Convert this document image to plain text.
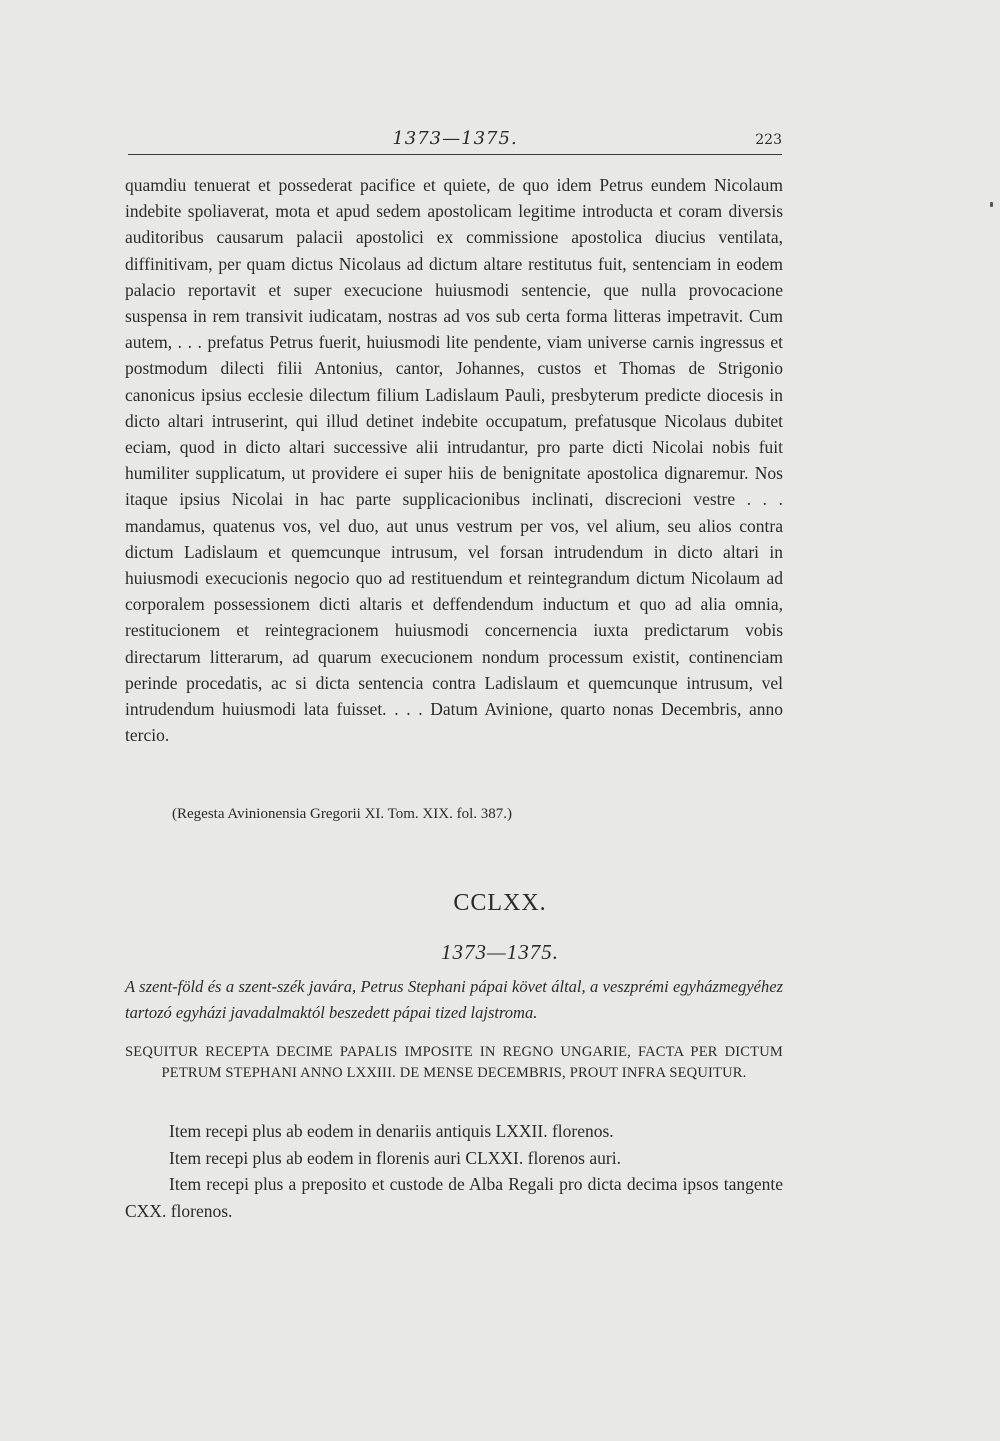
1373—1375.	223

quamdiu tenuerat et possederat pacifice et quiete, de quo idem Petrus eundem Nicolaum indebite spoliaverat, mota et apud sedem apostolicam legitime introducta et coram diversis auditoribus causarum palacii apostolici ex commissione apostolica diucius ventilata, diffinitivam, per quam dictus Nicolaus ad dictum altare restitutus fuit, sentenciam in eodem palacio reportavit et super execucione huiusmodi sentencie, que nulla provocacione suspensa in rem transivit iudicatam, nostras ad vos sub certa forma litteras impetravit. Cum autem, . . . prefatus Petrus fuerit, huiusmodi lite pendente, viam universe carnis ingressus et postmodum dilecti filii Antonius, cantor, Johannes, custos et Thomas de Strigonio canonicus ipsius ecclesie dilectum filium Ladislaum Pauli, presbyterum predicte diocesis in dicto altari intruserint, qui illud detinet indebite occupatum, prefatusque Nicolaus dubitet eciam, quod in dicto altari successive alii intrudantur, pro parte dicti Nicolai nobis fuit humiliter supplicatum, ut providere ei super hiis de benignitate apostolica dignaremur. Nos itaque ipsius Nicolai in hac parte supplicacionibus inclinati, discrecioni vestre . . . mandamus, quatenus vos, vel duo, aut unus vestrum per vos, vel alium, seu alios contra dictum Ladislaum et quemcunque intrusum, vel forsan intrudendum in dicto altari in huiusmodi execucionis negocio quo ad restituendum et reintegrandum dictum Nicolaum ad corporalem possessionem dicti altaris et deffendendum inductum et quo ad alia omnia, restitucionem et reintegracionem huiusmodi concernencia iuxta predictarum vobis directarum litterarum, ad quarum execucionem nondum processum existit, continenciam perinde procedatis, ac si dicta sentencia contra Ladislaum et quemcunque intrusum, vel intrudendum huiusmodi lata fuisset. . . . Datum Avinione, quarto nonas Decembris, anno tercio.

(Regesta Avinionensia Gregorii XI. Tom. XIX. fol. 387.)
CCLXX.
1373—1375.
A szent-föld és a szent-szék javára, Petrus Stephani pápai követ által, a veszprémi egyházmegyéhez tartozó egyházi javadalmaktól beszedett pápai tized lajstroma.
SEQUITUR RECEPTA DECIME PAPALIS IMPOSITE IN REGNO UNGARIE, FACTA PER DICTUM PETRUM STEPHANI ANNO LXXIII. DE MENSE DECEMBRIS, PROUT INFRA SEQUITUR.

Item recepi plus ab eodem in denariis antiquis LXXII. florenos.

Item recepi plus ab eodem in florenis auri CLXXI. florenos auri.

Item recepi plus a preposito et custode de Alba Regali pro dicta decima ipsos tangente CXX. florenos.
